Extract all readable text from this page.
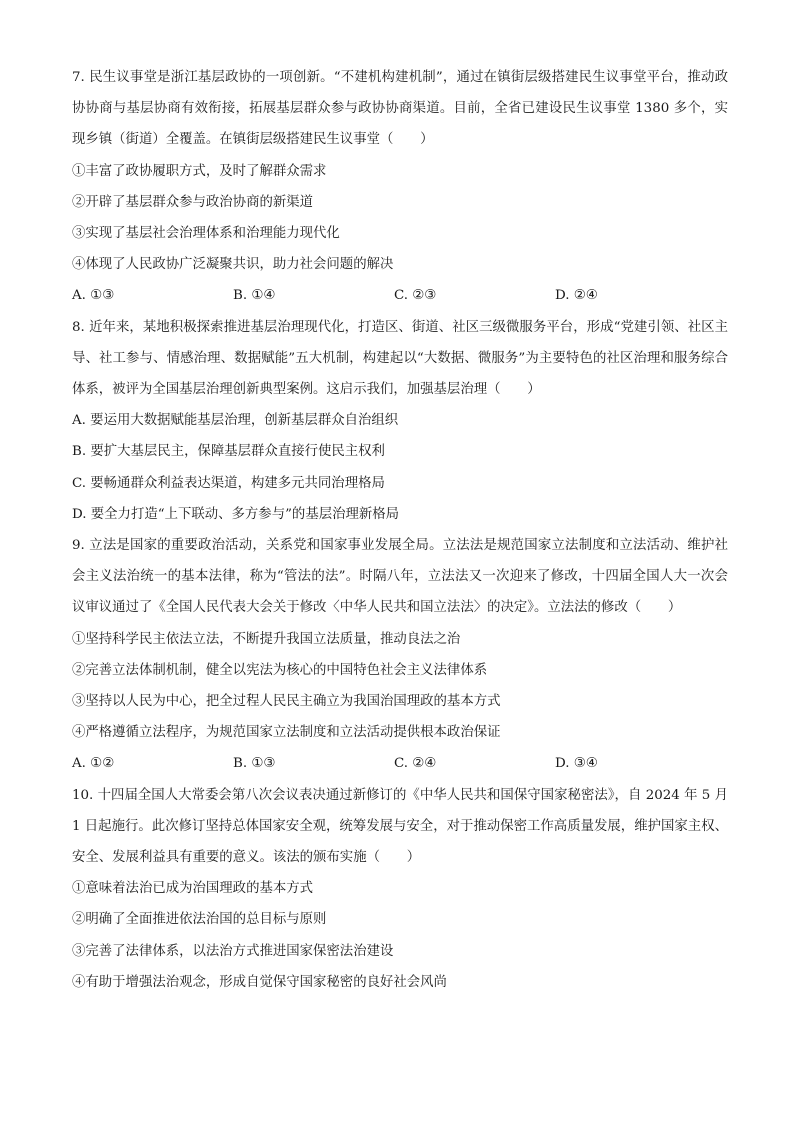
7. 民生议事堂是浙江基层政协的一项创新。“不建机构建机制”，通过在镇街层级搭建民生议事堂平台，推动政协协商与基层协商有效衔接，拓展基层群众参与政协协商渠道。目前，全省已建设民生议事堂 1380 多个，实现乡镇（街道）全覆盖。在镇街层级搭建民生议事堂（　　）

①丰富了政协履职方式，及时了解群众需求

②开辟了基层群众参与政治协商的新渠道

③实现了基层社会治理体系和治理能力现代化

④体现了人民政协广泛凝聚共识，助力社会问题的解决

A. ①③	B. ①④	C. ②③	D. ②④

8. 近年来，某地积极探索推进基层治理现代化，打造区、街道、社区三级微服务平台，形成“党建引领、社区主导、社工参与、情感治理、数据赋能”五大机制，构建起以“大数据、微服务”为主要特色的社区治理和服务综合体系，被评为全国基层治理创新典型案例。这启示我们，加强基层治理（　　）

A. 要运用大数据赋能基层治理，创新基层群众自治组织

B. 要扩大基层民主，保障基层群众直接行使民主权利

C. 要畅通群众利益表达渠道，构建多元共同治理格局

D. 要全力打造“上下联动、多方参与”的基层治理新格局

9. 立法是国家的重要政治活动，关系党和国家事业发展全局。立法法是规范国家立法制度和立法活动、维护社会主义法治统一的基本法律，称为“管法的法”。时隔八年，立法法又一次迎来了修改，十四届全国人大一次会议审议通过了《全国人民代表大会关于修改〈中华人民共和国立法法〉的决定》。立法法的修改（　　）

①坚持科学民主依法立法，不断提升我国立法质量，推动良法之治

②完善立法体制机制，健全以宪法为核心的中国特色社会主义法律体系

③坚持以人民为中心，把全过程人民民主确立为我国治国理政的基本方式

④严格遵循立法程序，为规范国家立法制度和立法活动提供根本政治保证

A. ①②	B. ①③	C. ②④	D. ③④

10. 十四届全国人大常委会第八次会议表决通过新修订的《中华人民共和国保守国家秘密法》，自 2024 年 5 月 1 日起施行。此次修订坚持总体国家安全观，统筹发展与安全，对于推动保密工作高质量发展，维护国家主权、安全、发展利益具有重要的意义。该法的颁布实施（　　）

①意味着法治已成为治国理政的基本方式

②明确了全面推进依法治国的总目标与原则

③完善了法律体系，以法治方式推进国家保密法治建设

④有助于增强法治观念，形成自觉保守国家秘密的良好社会风尚
